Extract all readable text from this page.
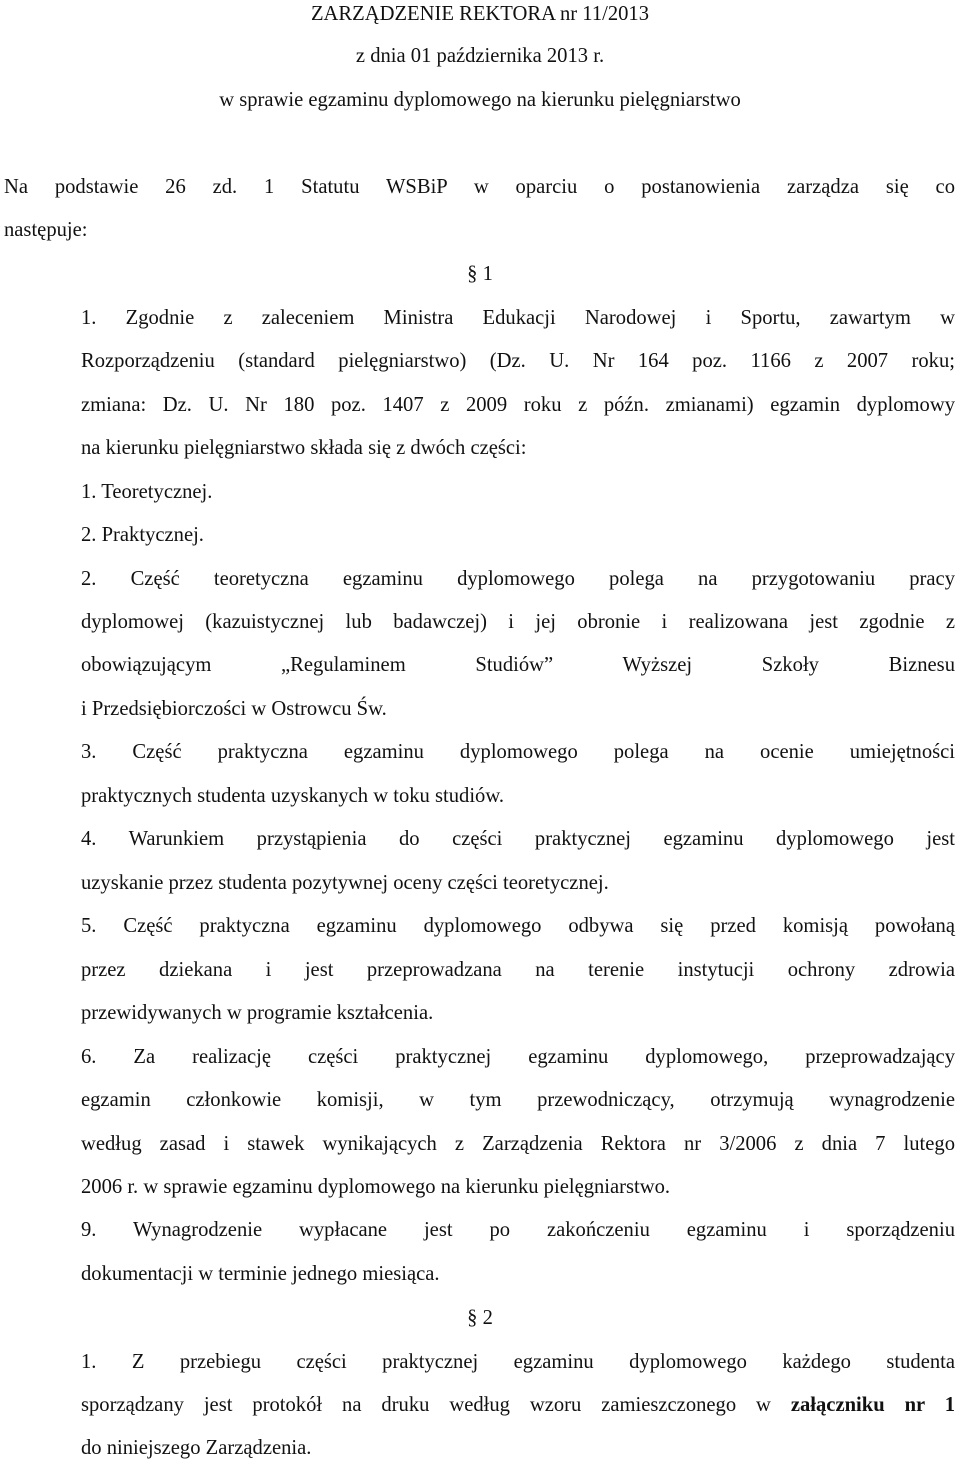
ZARZĄDZENIE REKTORA nr 11/2013
z dnia 01 października 2013 r.
w sprawie egzaminu dyplomowego na kierunku pielęgniarstwo
Na podstawie 26 zd. 1 Statutu WSBiP w oparciu o postanowienia zarządza się co
następuje:
§ 1
1. Zgodnie z zaleceniem Ministra Edukacji Narodowej i Sportu, zawartym w
Rozporządzeniu (standard pielęgniarstwo) (Dz. U. Nr 164 poz. 1166 z 2007 roku;
zmiana: Dz. U. Nr 180 poz. 1407 z 2009 roku z późn. zmianami) egzamin dyplomowy
na kierunku pielęgniarstwo składa się z dwóch części:
1. Teoretycznej.
2. Praktycznej.
2. Część teoretyczna egzaminu dyplomowego polega na przygotowaniu pracy
dyplomowej (kazuistycznej lub badawczej) i jej obronie i realizowana jest zgodnie z
obowiązującym „Regulaminem Studiów” Wyższej Szkoły Biznesu
i Przedsiębiorczości w Ostrowcu Św.
3. Część praktyczna egzaminu dyplomowego polega na ocenie umiejętności
praktycznych studenta uzyskanych w toku studiów.
4. Warunkiem przystąpienia do części praktycznej egzaminu dyplomowego jest
uzyskanie przez studenta pozytywnej oceny części teoretycznej.
5. Część praktyczna egzaminu dyplomowego odbywa się przed komisją powołaną
przez dziekana i jest przeprowadzana na terenie instytucji ochrony zdrowia
przewidywanych w programie kształcenia.
6. Za realizację części praktycznej egzaminu dyplomowego, przeprowadzający
egzamin członkowie komisji, w tym przewodniczący, otrzymują wynagrodzenie
według zasad i stawek wynikających z Zarządzenia Rektora nr 3/2006 z dnia 7 lutego
2006 r. w sprawie egzaminu dyplomowego na kierunku pielęgniarstwo.
9. Wynagrodzenie wypłacane jest po zakończeniu egzaminu i sporządzeniu
dokumentacji w terminie jednego miesiąca.
§ 2
1. Z przebiegu części praktycznej egzaminu dyplomowego każdego studenta
sporządzany jest protokół na druku według wzoru zamieszczonego w załączniku nr 1
do niniejszego Zarządzenia.
